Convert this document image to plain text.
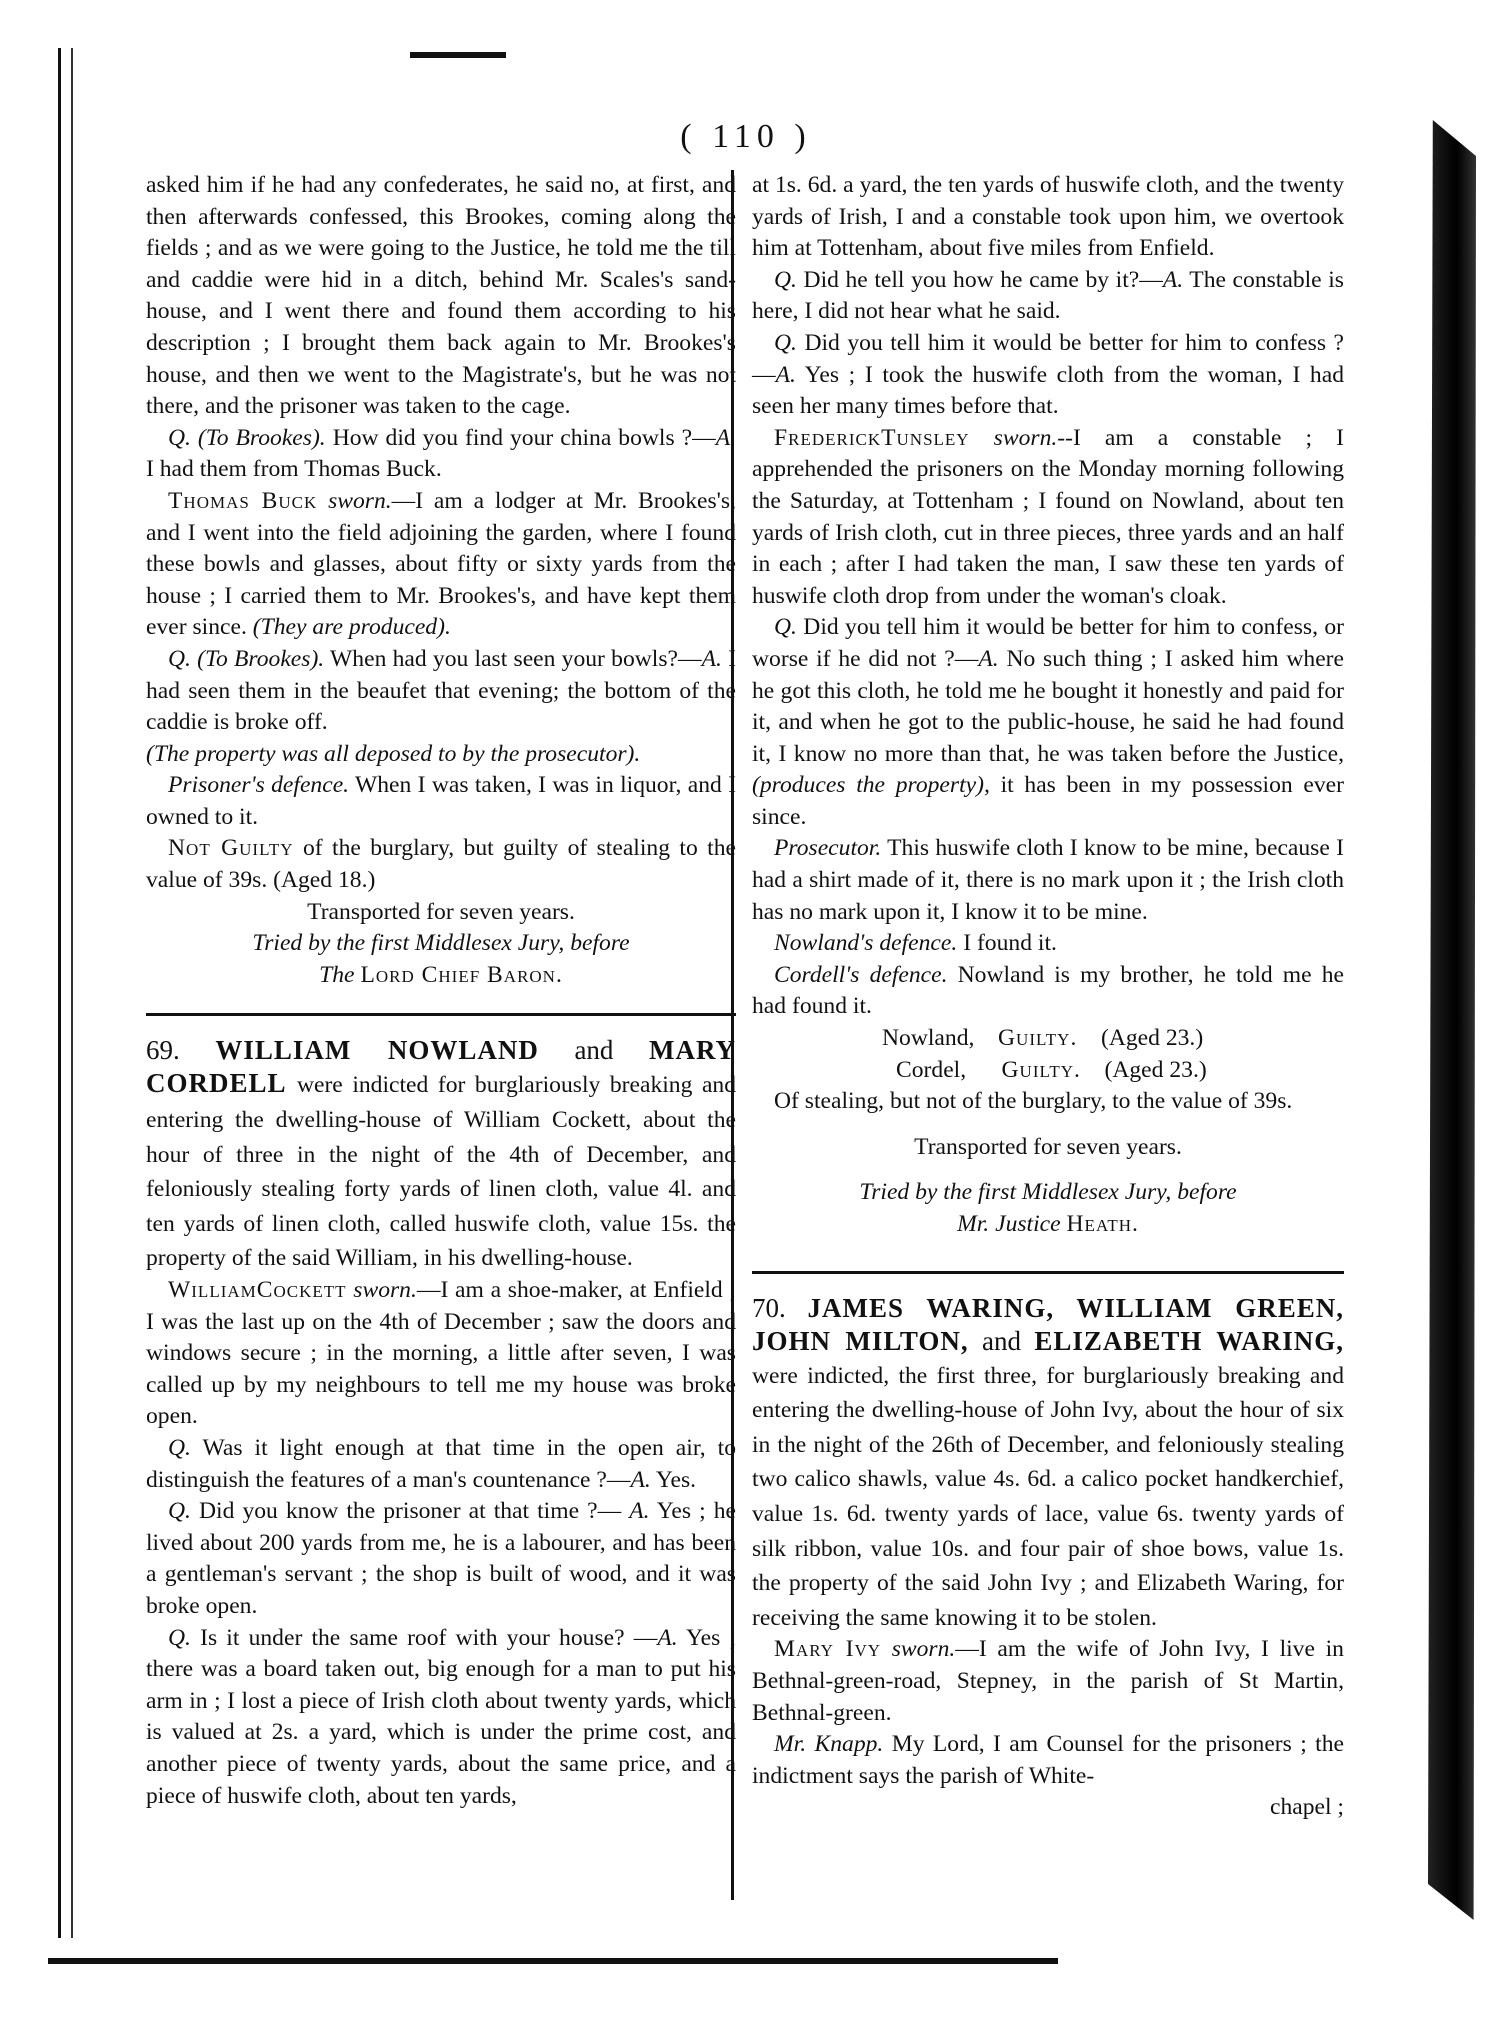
( 110 )

asked him if he had any confederates, he said no, at first, and then afterwards confessed, this Brookes, coming along the fields ; and as we were going to the Justice, he told me the till and caddie were hid in a ditch, behind Mr. Scales's sand-house, and I went there and found them according to his description ; I brought them back again to Mr. Brookes's house, and then we went to the Magistrate's, but he was not there, and the prisoner was taken to the cage.

Q. (To Brookes). How did you find your china bowls ?—A. I had them from Thomas Buck.

Thomas Buck sworn.—I am a lodger at Mr. Brookes's, and I went into the field adjoining the garden, where I found these bowls and glasses, about fifty or sixty yards from the house ; I carried them to Mr. Brookes's, and have kept them ever since. (They are produced).

Q. (To Brookes). When had you last seen your bowls?—A. I had seen them in the beaufet that evening; the bottom of the caddie is broke off.

(The property was all deposed to by the prosecutor).

Prisoner's defence. When I was taken, I was in liquor, and I owned to it.

Not Guilty of the burglary, but guilty of stealing to the value of 39s. (Aged 18.)

Transported for seven years.

Tried by the first Middlesex Jury, before

The Lord Chief Baron.

69. WILLIAM NOWLAND and MARY CORDELL were indicted for burglariously breaking and entering the dwelling-house of William Cockett, about the hour of three in the night of the 4th of December, and feloniously stealing forty yards of linen cloth, value 4l. and ten yards of linen cloth, called huswife cloth, value 15s. the property of the said William, in his dwelling-house.

WilliamCockett sworn.—I am a shoe-maker, at Enfield ; I was the last up on the 4th of December ; saw the doors and windows secure ; in the morning, a little after seven, I was called up by my neighbours to tell me my house was broke open.

Q. Was it light enough at that time in the open air, to distinguish the features of a man's countenance ?—A. Yes.

Q. Did you know the prisoner at that time ?— A. Yes ; he lived about 200 yards from me, he is a labourer, and has been a gentleman's servant ; the shop is built of wood, and it was broke open.

Q. Is it under the same roof with your house? —A. Yes ; there was a board taken out, big enough for a man to put his arm in ; I lost a piece of Irish cloth about twenty yards, which is valued at 2s. a yard, which is under the prime cost, and another piece of twenty yards, about the same price, and a piece of huswife cloth, about ten yards,

at 1s. 6d. a yard, the ten yards of huswife cloth, and the twenty yards of Irish, I and a constable took upon him, we overtook him at Tottenham, about five miles from Enfield.

Q. Did he tell you how he came by it?—A. The constable is here, I did not hear what he said.

Q. Did you tell him it would be better for him to confess ?—A. Yes ; I took the huswife cloth from the woman, I had seen her many times before that.

FrederickTunsley sworn.--I am a constable ; I apprehended the prisoners on the Monday morning following the Saturday, at Tottenham ; I found on Nowland, about ten yards of Irish cloth, cut in three pieces, three yards and an half in each ; after I had taken the man, I saw these ten yards of huswife cloth drop from under the woman's cloak.

Q. Did you tell him it would be better for him to confess, or worse if he did not ?—A. No such thing ; I asked him where he got this cloth, he told me he bought it honestly and paid for it, and when he got to the public-house, he said he had found it, I know no more than that, he was taken before the Justice, (produces the property), it has been in my possession ever since.

Prosecutor. This huswife cloth I know to be mine, because I had a shirt made of it, there is no mark upon it ; the Irish cloth has no mark upon it, I know it to be mine.

Nowland's defence. I found it.

Cordell's defence. Nowland is my brother, he told me he had found it.

Nowland, Guilty. (Aged 23.)

Cordel, Guilty. (Aged 23.)

Of stealing, but not of the burglary, to the value of 39s.

Transported for seven years.

Tried by the first Middlesex Jury, before

Mr. Justice Heath.

70. JAMES WARING, WILLIAM GREEN, JOHN MILTON, and ELIZABETH WARING, were indicted, the first three, for burglariously breaking and entering the dwelling-house of John Ivy, about the hour of six in the night of the 26th of December, and feloniously stealing two calico shawls, value 4s. 6d. a calico pocket handkerchief, value 1s. 6d. twenty yards of lace, value 6s. twenty yards of silk ribbon, value 10s. and four pair of shoe bows, value 1s. the property of the said John Ivy ; and Elizabeth Waring, for receiving the same knowing it to be stolen.

Mary Ivy sworn.—I am the wife of John Ivy, I live in Bethnal-green-road, Stepney, in the parish of St Martin, Bethnal-green.

Mr. Knapp. My Lord, I am Counsel for the prisoners ; the indictment says the parish of White-

chapel ;
